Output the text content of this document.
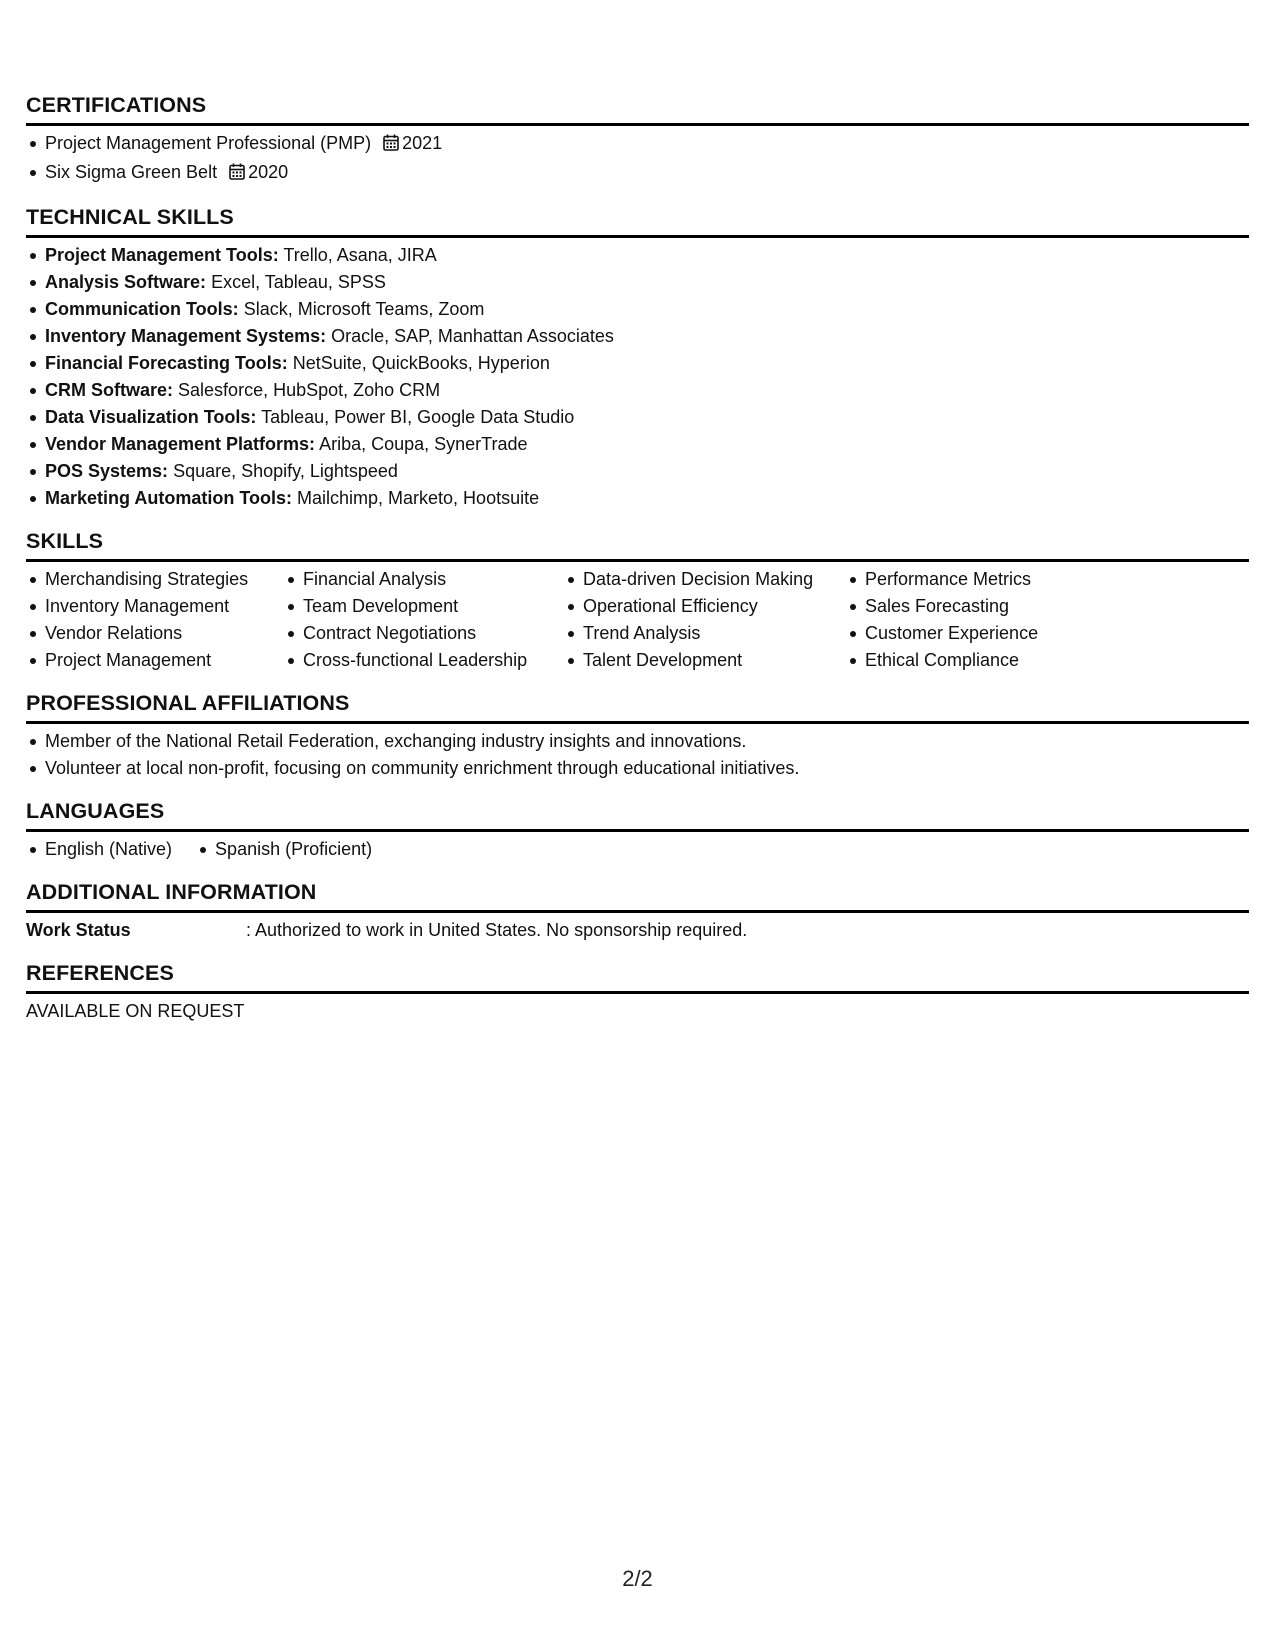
CERTIFICATIONS
Project Management Professional (PMP) 2021
Six Sigma Green Belt 2020
TECHNICAL SKILLS
Project Management Tools: Trello, Asana, JIRA
Analysis Software: Excel, Tableau, SPSS
Communication Tools: Slack, Microsoft Teams, Zoom
Inventory Management Systems: Oracle, SAP, Manhattan Associates
Financial Forecasting Tools: NetSuite, QuickBooks, Hyperion
CRM Software: Salesforce, HubSpot, Zoho CRM
Data Visualization Tools: Tableau, Power BI, Google Data Studio
Vendor Management Platforms: Ariba, Coupa, SynerTrade
POS Systems: Square, Shopify, Lightspeed
Marketing Automation Tools: Mailchimp, Marketo, Hootsuite
SKILLS
Merchandising Strategies
Inventory Management
Vendor Relations
Project Management
Financial Analysis
Team Development
Contract Negotiations
Cross-functional Leadership
Data-driven Decision Making
Operational Efficiency
Trend Analysis
Talent Development
Performance Metrics
Sales Forecasting
Customer Experience
Ethical Compliance
PROFESSIONAL AFFILIATIONS
Member of the National Retail Federation, exchanging industry insights and innovations.
Volunteer at local non-profit, focusing on community enrichment through educational initiatives.
LANGUAGES
English (Native)	Spanish (Proficient)
ADDITIONAL INFORMATION
Work Status	: Authorized to work in United States. No sponsorship required.
REFERENCES
AVAILABLE ON REQUEST
2/2
